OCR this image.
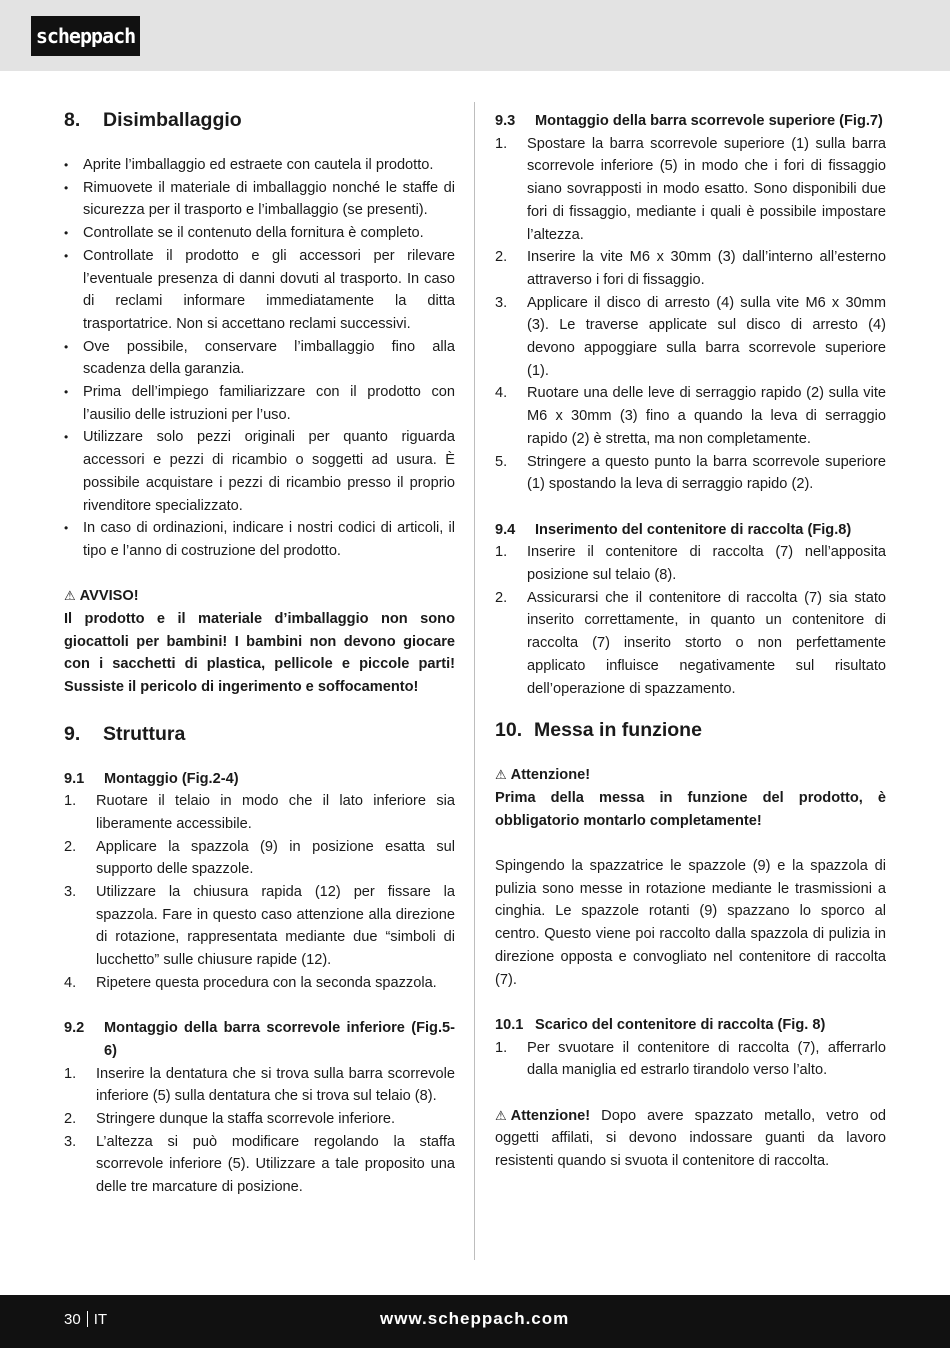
scheppach
8. Disimballaggio
• Aprite l’imballaggio ed estraete con cautela il prodotto.
• Rimuovete il materiale di imballaggio nonché le staffe di sicurezza per il trasporto e l’imballaggio (se presenti).
• Controllate se il contenuto della fornitura è completo.
• Controllate il prodotto e gli accessori per rilevare l’eventuale presenza di danni dovuti al trasporto. In caso di reclami informare immediatamente la ditta trasportatrice. Non si accettano reclami successivi.
• Ove possibile, conservare l’imballaggio fino alla scadenza della garanzia.
• Prima dell’impiego familiarizzare con il prodotto con l’ausilio delle istruzioni per l’uso.
• Utilizzare solo pezzi originali per quanto riguarda accessori e pezzi di ricambio o soggetti ad usura. È possibile acquistare i pezzi di ricambio presso il proprio rivenditore specializzato.
• In caso di ordinazioni, indicare i nostri codici di articoli, il tipo e l’anno di costruzione del prodotto.

⚠ AVVISO!

Il prodotto e il materiale d’imballaggio non sono giocattoli per bambini! I bambini non devono giocare con i sacchetti di plastica, pellicole e piccole parti! Sussiste il pericolo di ingerimento e soffocamento!

9. Struttura
9.1	Montaggio (Fig.2-4)
1.	Ruotare il telaio in modo che il lato inferiore sia liberamente accessibile.
2.	Applicare la spazzola (9) in posizione esatta sul supporto delle spazzole.
3.	Utilizzare la chiusura rapida (12) per fissare la spazzola. Fare in questo caso attenzione alla direzione di rotazione, rappresentata mediante due “simboli di lucchetto” sulle chiusure rapide (12).
4.	Ripetere questa procedura con la seconda spazzola.
9.2	Montaggio della barra scorrevole inferiore (Fig.5-6)
1.	Inserire la dentatura che si trova sulla barra scorrevole inferiore (5) sulla dentatura che si trova sul telaio (8).
2.	Stringere dunque la staffa scorrevole inferiore.
3.	L’altezza si può modificare regolando la staffa scorrevole inferiore (5). Utilizzare a tale proposito una delle tre marcature di posizione.
9.3	Montaggio della barra scorrevole superiore (Fig.7)
1.	Spostare la barra scorrevole superiore (1) sulla barra scorrevole inferiore (5) in modo che i fori di fissaggio siano sovrapposti in modo esatto. Sono disponibili due fori di fissaggio, mediante i quali è possibile impostare l’altezza.
2.	Inserire la vite M6 x 30mm (3) dall’interno all’esterno attraverso i fori di fissaggio.
3.	Applicare il disco di arresto (4) sulla vite M6 x 30mm (3). Le traverse applicate sul disco di arresto (4) devono appoggiare sulla barra scorrevole superiore (1).
4.	Ruotare una delle leve di serraggio rapido (2) sulla vite M6 x 30mm (3) fino a quando la leva di serraggio rapido (2) è stretta, ma non completamente.
5.	Stringere a questo punto la barra scorrevole superiore (1) spostando la leva di serraggio rapido (2).
9.4	Inserimento del contenitore di raccolta (Fig.8)
1.	Inserire il contenitore di raccolta (7) nell’apposita posizione sul telaio (8).
2.	Assicurarsi che il contenitore di raccolta (7) sia stato inserito correttamente, in quanto un contenitore di raccolta (7) inserito storto o non perfettamente applicato influisce negativamente sul risultato dell’operazione di spazzamento.
10. Messa in funzione

⚠ Attenzione!

Prima della messa in funzione del prodotto, è obbligatorio montarlo completamente!

Spingendo la spazzatrice le spazzole (9) e la spazzola di pulizia sono messe in rotazione mediante le trasmissioni a cinghia. Le spazzole rotanti (9) spazzano lo sporco al centro. Questo viene poi raccolto dalla spazzola di pulizia in direzione opposta e convogliato nel contenitore di raccolta (7).

10.1 Scarico del contenitore di raccolta (Fig. 8)
1.	Per svuotare il contenitore di raccolta (7), afferrarlo dalla maniglia ed estrarlo tirandolo verso l’alto.

⚠ Attenzione! Dopo avere spazzato metallo, vetro od oggetti affilati, si devono indossare guanti da lavoro resistenti quando si svuota il contenitore di raccolta.

30 IT	www.scheppach.com
